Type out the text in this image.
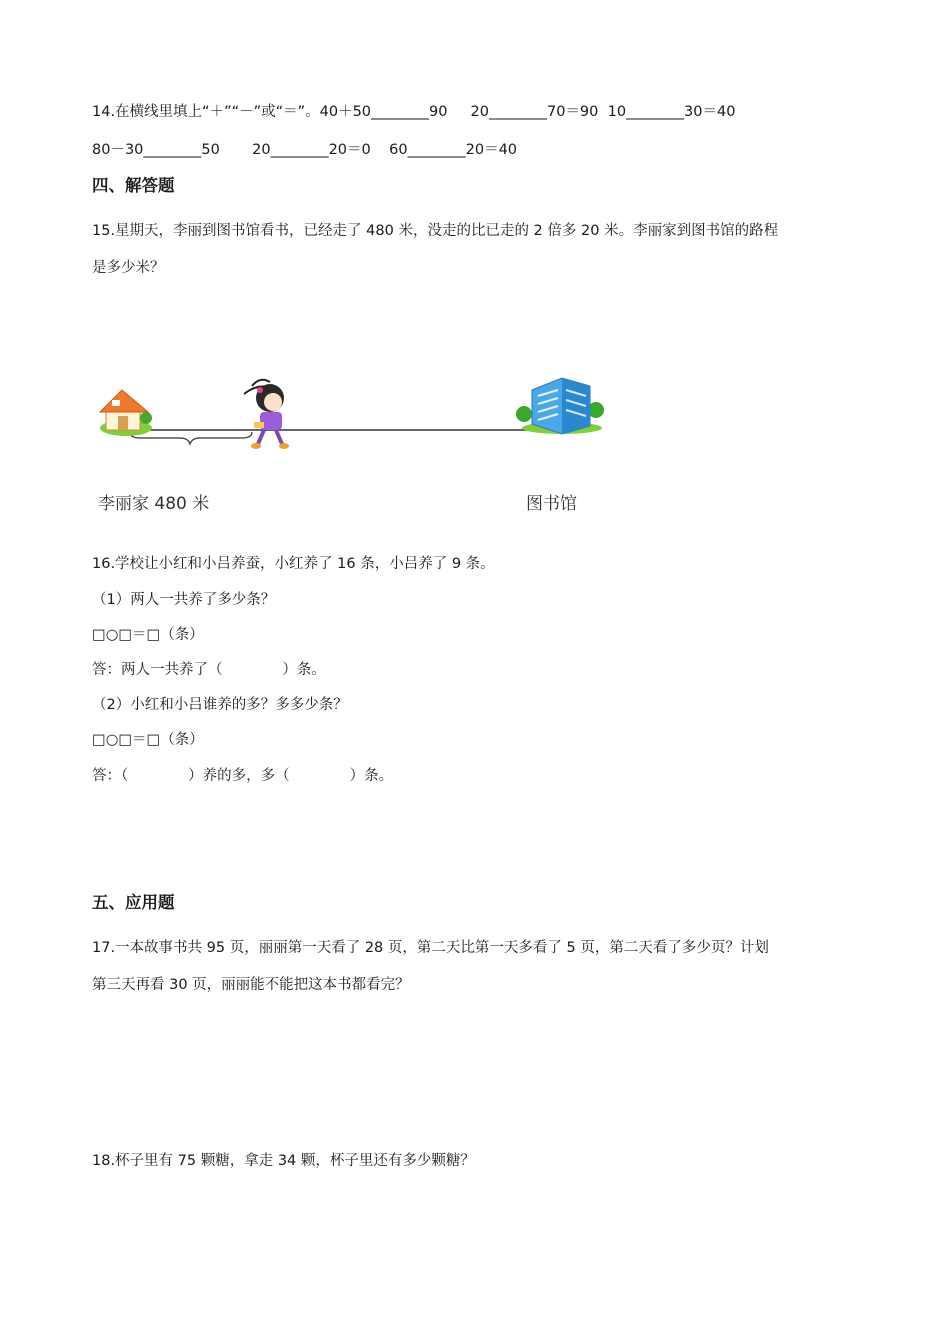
14.在横线里填上“＋”“－”或“＝”。40＋50________90     20________70＝90  10________30＝40
80－30________50       20________20＝0    60________20＝40
四、解答题
15.星期天，李丽到图书馆看书，已经走了 480 米，没走的比已走的 2 倍多 20 米。李丽家到图书馆的路程
是多少米？
李丽家 480 米	图书馆
16.学校让小红和小吕养蚕，小红养了 16 条，小吕养了 9 条。
（1）两人一共养了多少条？
□○□＝□（条）
答：两人一共养了（             ）条。
（2）小红和小吕谁养的多？多多少条？
□○□＝□（条）
答：（             ）养的多，多（             ）条。
五、应用题
17.一本故事书共 95 页，丽丽第一天看了 28 页，第二天比第一天多看了 5 页，第二天看了多少页？计划
第三天再看 30 页，丽丽能不能把这本书都看完？
18.杯子里有 75 颗糖，拿走 34 颗，杯子里还有多少颗糖？
